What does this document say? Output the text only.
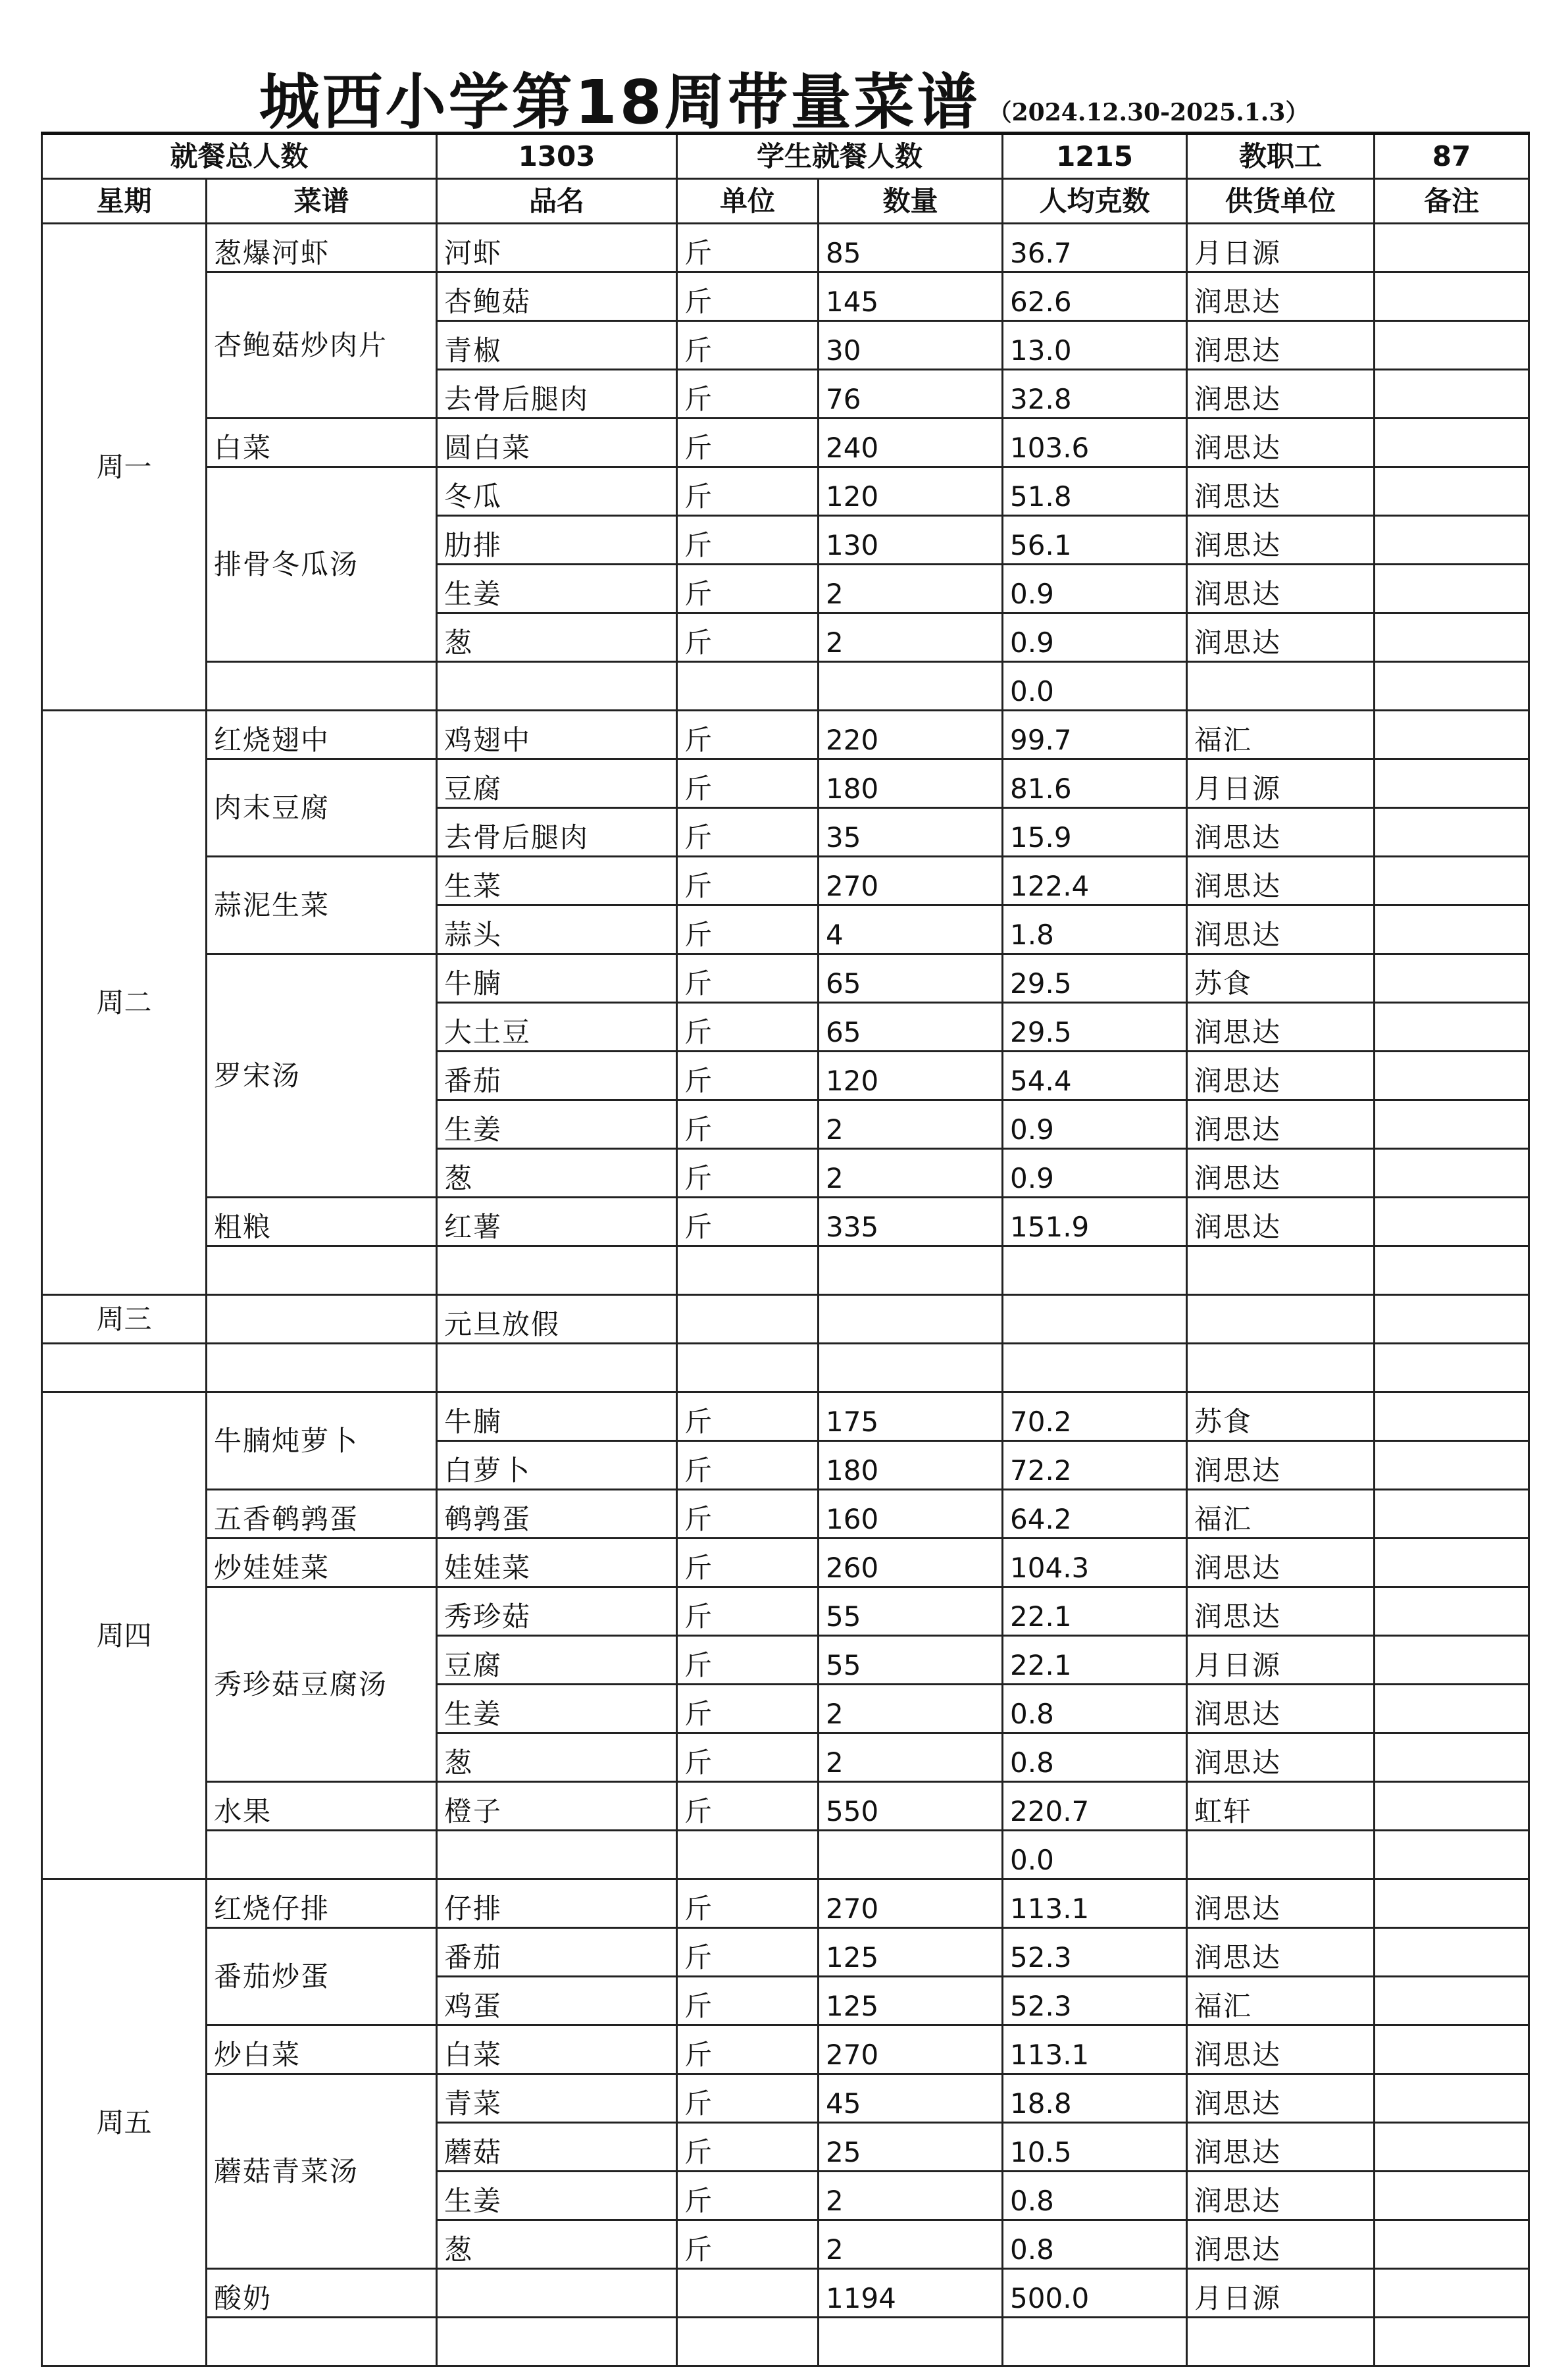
城西小学第18周带量菜谱 （2024.12.30-2025.1.3）
就餐总人数		1303	学生就餐人数		1215	教职工	87
星期	菜谱	品名	单位	数量	人均克数	供货单位	备注
周一	葱爆河虾	河虾	斤	85	36.7	月日源	
	杏鲍菇炒肉片	杏鲍菇	斤	145	62.6	润思达	
		青椒	斤	30	13.0	润思达	
		去骨后腿肉	斤	76	32.8	润思达	
	白菜	圆白菜	斤	240	103.6	润思达	
	排骨冬瓜汤	冬瓜	斤	120	51.8	润思达	
		肋排	斤	130	56.1	润思达	
		生姜	斤	2	0.9	润思达	
		葱	斤	2	0.9	润思达	
					0.0		
周二	红烧翅中	鸡翅中	斤	220	99.7	福汇	
	肉末豆腐	豆腐	斤	180	81.6	月日源	
		去骨后腿肉	斤	35	15.9	润思达	
	蒜泥生菜	生菜	斤	270	122.4	润思达	
		蒜头	斤	4	1.8	润思达	
	罗宋汤	牛腩	斤	65	29.5	苏食	
		大土豆	斤	65	29.5	润思达	
		番茄	斤	120	54.4	润思达	
		生姜	斤	2	0.9	润思达	
		葱	斤	2	0.9	润思达	
	粗粮	红薯	斤	335	151.9	润思达	

周三		元旦放假					

周四	牛腩炖萝卜	牛腩	斤	175	70.2	苏食	
		白萝卜	斤	180	72.2	润思达	
	五香鹌鹑蛋	鹌鹑蛋	斤	160	64.2	福汇	
	炒娃娃菜	娃娃菜	斤	260	104.3	润思达	
	秀珍菇豆腐汤	秀珍菇	斤	55	22.1	润思达	
		豆腐	斤	55	22.1	月日源	
		生姜	斤	2	0.8	润思达	
		葱	斤	2	0.8	润思达	
	水果	橙子	斤	550	220.7	虹轩	
					0.0		
周五	红烧仔排	仔排	斤	270	113.1	润思达	
	番茄炒蛋	番茄	斤	125	52.3	润思达	
		鸡蛋	斤	125	52.3	福汇	
	炒白菜	白菜	斤	270	113.1	润思达	
	蘑菇青菜汤	青菜	斤	45	18.8	润思达	
		蘑菇	斤	25	10.5	润思达	
		生姜	斤	2	0.8	润思达	
		葱	斤	2	0.8	润思达	
	酸奶			1194	500.0	月日源	
